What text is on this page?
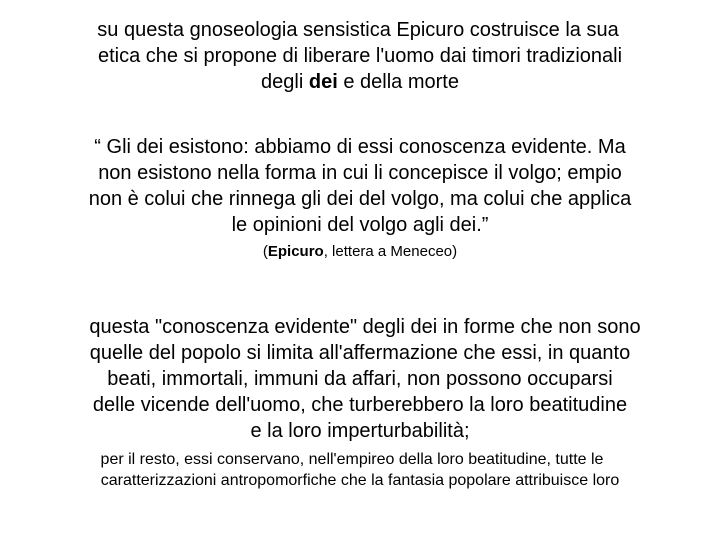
su questa gnoseologia sensistica Epicuro costruisce la sua
etica che si propone di liberare l'uomo dai timori tradizionali
degli dei e della morte
“ Gli dei esistono: abbiamo di essi conoscenza evidente. Ma
non esistono nella forma in cui li concepisce il volgo; empio
non è colui che rinnega gli dei del volgo, ma colui che applica
le opinioni del volgo agli dei.”
(Epicuro, lettera a Meneceo)
questa "conoscenza evidente" degli dei in forme che non sono
quelle del popolo si limita all'affermazione che essi, in quanto
beati, immortali, immuni da affari, non possono occuparsi
delle vicende dell'uomo, che turberebbero la loro beatitudine
e la loro imperturbabilità;
per il resto, essi conservano, nell'empireo della loro beatitudine, tutte le
caratterizzazioni antropomorfiche che la fantasia popolare attribuisce loro
